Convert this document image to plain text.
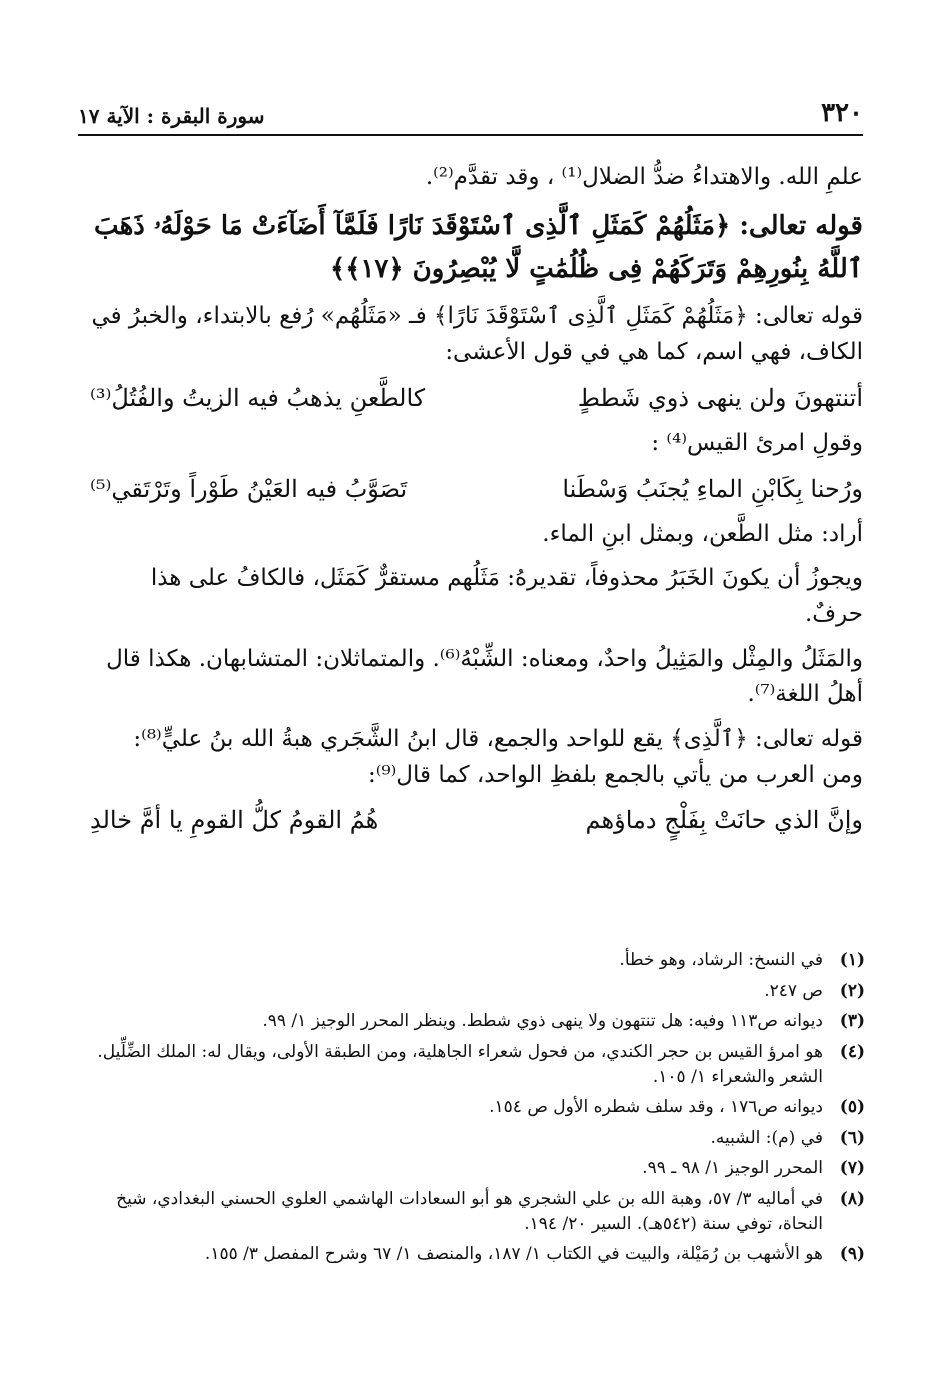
٣٢٠
سورة البقرة : الآية ١٧

علمِ الله. والاهتداءُ ضدُّ الضلال⁽¹⁾ ، وقد تقدَّم⁽²⁾.

قوله تعالى: ﴿مَثَلُهُمْ كَمَثَلِ ٱلَّذِى ٱسْتَوْقَدَ نَارًا فَلَمَّآ أَضَآءَتْ مَا حَوْلَهُۥ ذَهَبَ ٱللَّهُ بِنُورِهِمْ وَتَرَكَهُمْ فِى ظُلُمَٰتٍ لَّا يُبْصِرُونَ ﴿١٧﴾﴾

قوله تعالى: ﴿مَثَلُهُمْ كَمَثَلِ ٱلَّذِى ٱسْتَوْقَدَ نَارًا﴾ فـ «مَثَلُهُم» رُفع بالابتداء، والخبرُ في الكاف، فهي اسم، كما هي في قول الأعشى:

أتنتهونَ ولن ينهى ذوي شَططٍ
كالطَّعنِ يذهبُ فيه الزيتُ والفُتُلُ⁽³⁾

وقولِ امرئ القيس⁽⁴⁾ :

ورُحنا بِكَابْنِ الماءِ يُجنَبُ وَسْطَنا
تَصَوَّبُ فيه العَيْنُ طَوْراً وتَرْتَقي⁽⁵⁾

أراد: مثل الطَّعن، وبمثل ابنِ الماء.

ويجوزُ أن يكونَ الخَبَرُ محذوفاً، تقديرهُ: مَثَلُهم مستقرٌّ كَمَثَل، فالكافُ على هذا حرفٌ.

والمَثَلُ والمِثْل والمَثِيلُ واحدٌ، ومعناه: الشِّبْهُ⁽⁶⁾. والمتماثلان: المتشابهان. هكذا قال أهلُ اللغة⁽⁷⁾.

قوله تعالى: ﴿ٱلَّذِى﴾ يقع للواحد والجمع، قال ابنُ الشَّجَري هبةُ الله بنُ عليٍّ⁽⁸⁾: ومن العرب من يأتي بالجمع بلفظِ الواحد، كما قال⁽⁹⁾:

وإنَّ الذي حانَتْ بِفَلْجٍ دماؤهم
هُمُ القومُ كلُّ القومِ يا أمَّ خالدِ
(١)
في النسخ: الرشاد، وهو خطأ.
(٢)
ص ٢٤٧.
(٣)
ديوانه ص١١٣ وفيه: هل تنتهون ولا ينهى ذوي شطط. وينظر المحرر الوجيز ١/ ٩٩.
(٤)
هو امرؤ القيس بن حجر الكندي، من فحول شعراء الجاهلية، ومن الطبقة الأولى، ويقال له: الملك الضِّلِّيل. الشعر والشعراء ١/ ١٠٥.
(٥)
ديوانه ص١٧٦ ، وقد سلف شطره الأول ص ١٥٤.
(٦)
في (م): الشبيه.
(٧)
المحرر الوجيز ١/ ٩٨ ـ ٩٩.
(٨)
في أماليه ٣/ ٥٧، وهبة الله بن علي الشجري هو أبو السعادات الهاشمي العلوي الحسني البغدادي، شيخ النحاة، توفي سنة (٥٤٢هـ). السير ٢٠/ ١٩٤.
(٩)
هو الأشهب بن رُمَيْلة، والبيت في الكتاب ١/ ١٨٧، والمنصف ١/ ٦٧ وشرح المفصل ٣/ ١٥٥.
